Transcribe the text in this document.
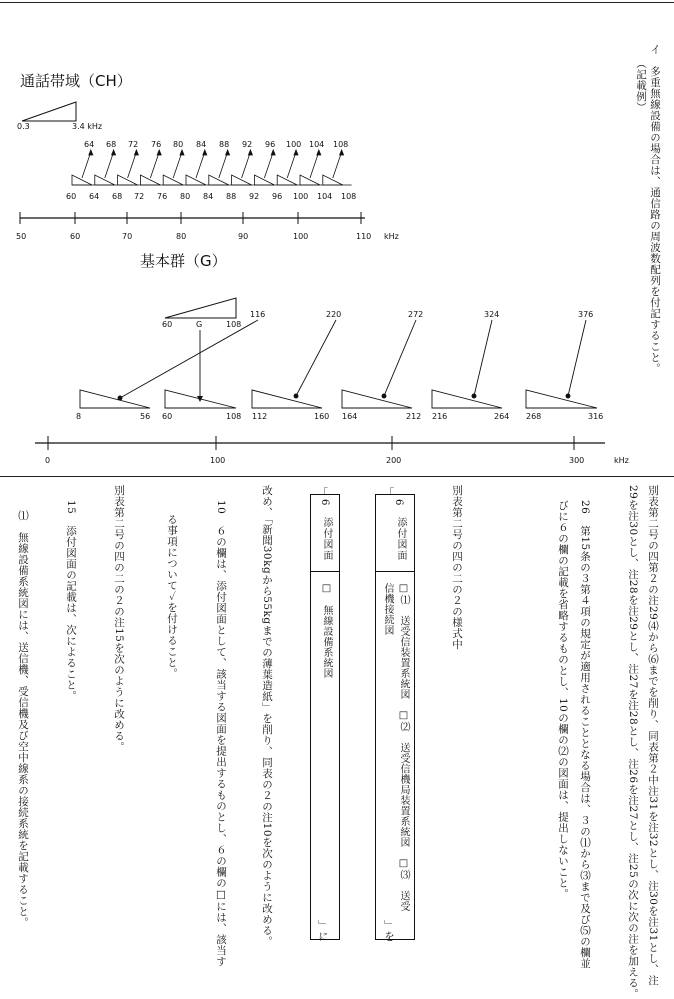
通話帯域（CH）
基本群（G）
0.3	3.4 kHz
64 68 72 76 80 84 88 92 96 100 104 108
60 64 68 72 76 80 84 88 92 96 100 104 108
50	60	70	80	90	100	110 kHz
60	G	108
116	220	272	324	376
8	56 60	108 112	160 164	212 216	264 268	316
0	100	200	300	kHz
イ　多重無線設備の場合は、通信路の周波数配列を付記すること。
（記載例）
別表第二号の四第２の注29⑷から⑹までを削り、同表第２中注31を注32とし、注30を注31とし、注
29を注30とし、注28を注29とし、注27を注28とし、注26を注27とし、注25の次に次の注を加える。
26　第15条の３第４項の規定が適用されることとなる場合は、３の⑴から⑶まで及び⑸の欄並
びに６の欄の記載を省略するものとし、10の欄の⑵の図面は、提出しないこと。
別表第二号の四の二の２の様式中
「
6
添付図面
□⑴　送受信装置系統図　□⑵　送受信機局装置系統図　□⑶　送受
信機接続図
」を
「
6
添付図面
□　無線設備系統図
」に
改め、「新聞30kgから55kgまでの薄葉造紙」を削り、同表の２の注10を次のように改める。
10　６の欄は、添付図面として、該当する図面を提出するものとし、６の欄の□には、該当す
る事項について✓を付けること。
別表第二号の四の二の２の注15を次のように改める。
15　添付図面の記載は、次によること。
⑴　無線設備系統図には、送信機、受信機及び空中線系の接続系統を記載すること。
